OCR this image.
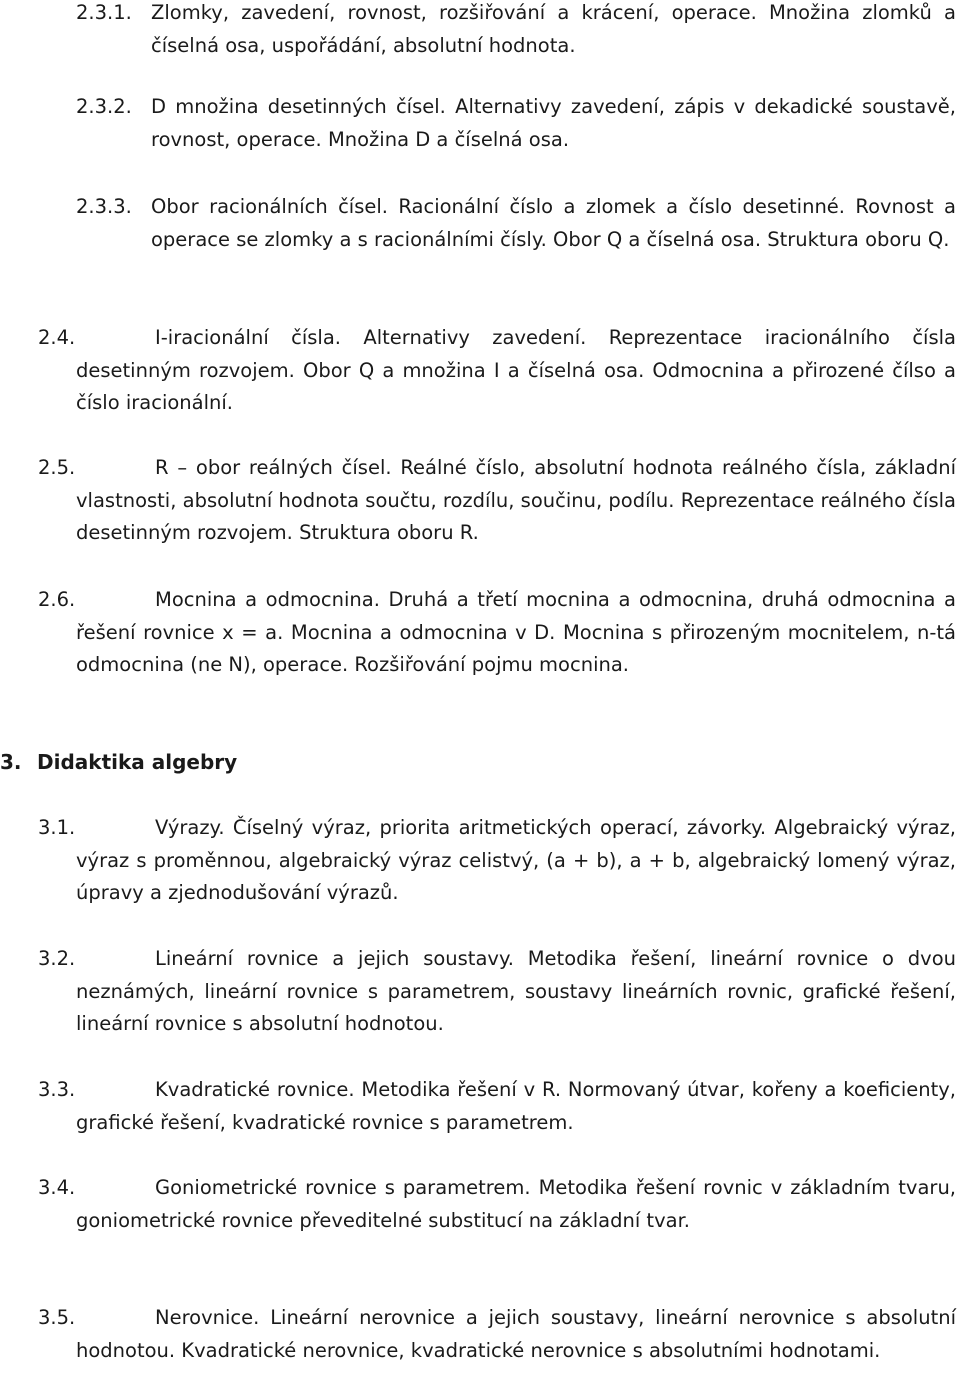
2.3.1. Zlomky, zavedení, rovnost, rozšiřování a krácení, operace. Množina zlomků a číselná osa, uspořádání, absolutní hodnota.
2.3.2. D množina desetinných čísel. Alternativy zavedení, zápis v dekadické soustavě, rovnost, operace. Množina D a číselná osa.
2.3.3. Obor racionálních čísel. Racionální číslo a zlomek a číslo desetinné. Rovnost a operace se zlomky a s racionálními čísly. Obor Q a číselná osa. Struktura oboru Q.
2.4.	I-iracionální čísla. Alternativy zavedení. Reprezentace iracionálního čísla desetinným rozvojem. Obor Q a množina I a číselná osa. Odmocnina a přirozené čílso a číslo iracionální.
2.5.	R – obor reálných čísel. Reálné číslo, absolutní hodnota reálného čísla, základní vlastnosti, absolutní hodnota součtu, rozdílu, součinu, podílu. Reprezentace reálného čísla desetinným rozvojem. Struktura oboru R.
2.6.	Mocnina a odmocnina. Druhá a třetí mocnina a odmocnina, druhá odmocnina a řešení rovnice x = a. Mocnina a odmocnina v D. Mocnina s přirozeným mocnitelem, n-tá odmocnina (ne N), operace. Rozšiřování pojmu mocnina.
3. Didaktika algebry
3.1.	Výrazy. Číselný výraz, priorita aritmetických operací, závorky. Algebraický výraz, výraz s proměnnou, algebraický výraz celistvý, (a + b), a + b, algebraický lomený výraz, úpravy a zjednodušování výrazů.
3.2.	Lineární rovnice a jejich soustavy. Metodika řešení, lineární rovnice o dvou neznámých, lineární rovnice s parametrem, soustavy lineárních rovnic, grafické řešení, lineární rovnice s absolutní hodnotou.
3.3.	Kvadratické rovnice. Metodika řešení v R. Normovaný útvar, kořeny a koeficienty, grafické řešení, kvadratické rovnice s parametrem.
3.4.	Goniometrické rovnice s parametrem. Metodika řešení rovnic v základním tvaru, goniometrické rovnice převeditelné substitucí na základní tvar.
3.5.	Nerovnice. Lineární nerovnice a jejich soustavy, lineární nerovnice s absolutní hodnotou. Kvadratické nerovnice, kvadratické nerovnice s absolutními hodnotami.
